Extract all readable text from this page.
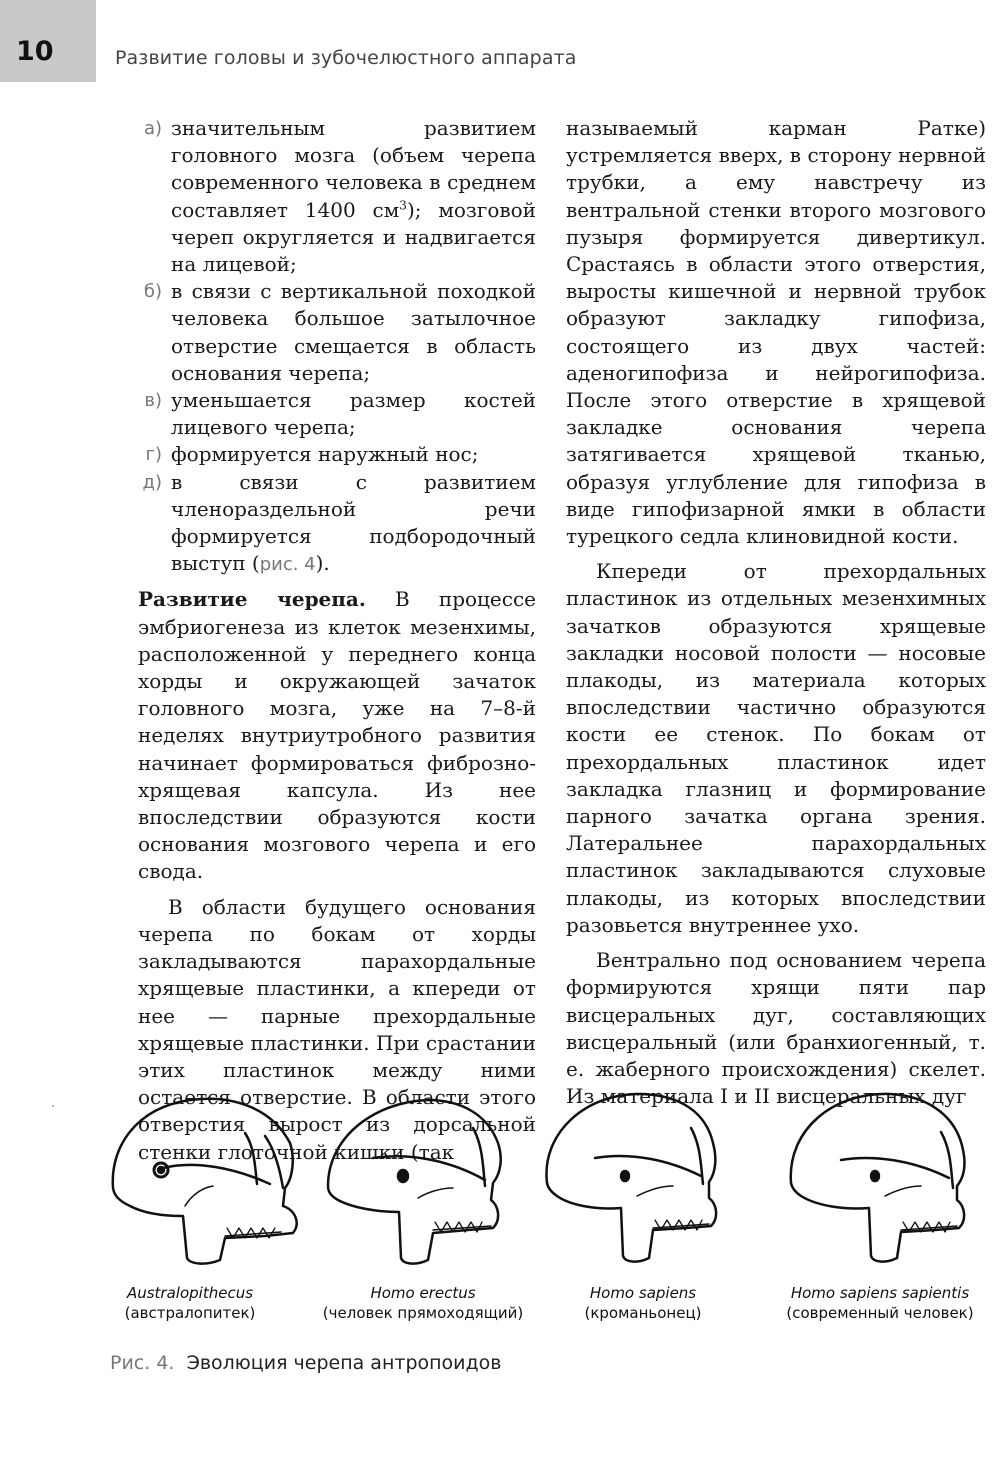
10	Развитие головы и зубочелюстного аппарата

а) значительным развитием головного мозга (объем черепа современного человека в среднем составляет 1400 $см^3$); мозговой череп округляется и надвигается на лицевой;

б) в связи с вертикальной походкой человека большое затылочное отверстие смещается в область основания черепа;

в) уменьшается размер костей лицевого черепа;

г) формируется наружный нос;

д) в связи с развитием членораздельной речи формируется подбородочный выступ (рис. 4).

Развитие черепа. В процессе эмбриогенеза из клеток мезенхимы, расположенной у переднего конца хорды и окружающей зачаток головного мозга, уже на 7–8-й неделях внутриутробного развития начинает формироваться фиброзно-хрящевая капсула. Из нее впоследствии образуются кости основания мозгового черепа и его свода.

В области будущего основания черепа по бокам от хорды закладываются парахордальные хрящевые пластинки, а кпереди от нее — парные прехордальные хрящевые пластинки. При срастании этих пластинок между ними остается отверстие. В области этого отверстия вырост из дорсальной стенки глоточной кишки (так

называемый карман Ратке) устремляется вверх, в сторону нервной трубки, а ему навстречу из вентральной стенки второго мозгового пузыря формируется дивертикул. Срастаясь в области этого отверстия, выросты кишечной и нервной трубок образуют закладку гипофиза, состоящего из двух частей: аденогипофиза и нейрогипофиза. После этого отверстие в хрящевой закладке основания черепа затягивается хрящевой тканью, образуя углубление для гипофиза в виде гипофизарной ямки в области турецкого седла клиновидной кости.

Кпереди от прехордальных пластинок из отдельных мезенхимных зачатков образуются хрящевые закладки носовой полости — носовые плакоды, из материала которых впоследствии частично образуются кости ее стенок. По бокам от прехордальных пластинок идет закладка глазниц и формирование парного зачатка органа зрения. Латеральнее парахордальных пластинок закладываются слуховые плакоды, из которых впоследствии разовьется внутреннее ухо.

Вентрально под основанием черепа формируются хрящи пяти пар висцеральных дуг, составляющих висцеральный (или бранхиогенный, т. е. жаберного происхождения) скелет. Из материала I и II висцеральных дуг

Australopithecus
(австралопитек)
Homo erectus
(человек прямоходящий)
Homo sapiens
(кроманьонец)
Homo sapiens sapientis
(современный человек)
Рис. 4. Эволюция черепа антропоидов
